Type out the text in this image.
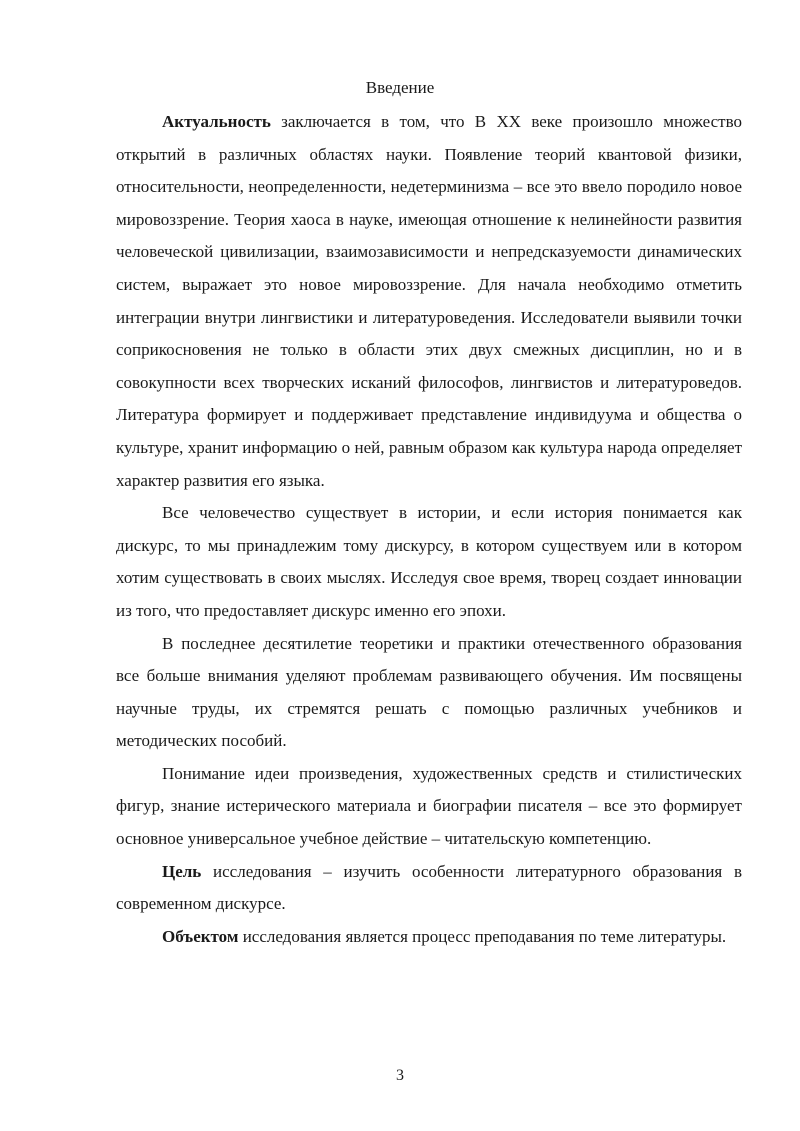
Введение

Актуальность заключается в том, что В ХХ веке произошло множество открытий в различных областях науки. Появление теорий квантовой физики, относительности, неопределенности, недетерминизма – все это ввело породило новое мировоззрение. Теория хаоса в науке, имеющая отношение к нелинейности развития человеческой цивилизации, взаимозависимости и непредсказуемости динамических систем, выражает это новое мировоззрение. Для начала необходимо отметить интеграции внутри лингвистики и литературоведения. Исследователи выявили точки соприкосновения не только в области этих двух смежных дисциплин, но и в совокупности всех творческих исканий философов, лингвистов и литературоведов. Литература формирует и поддерживает представление индивидуума и общества о культуре, хранит информацию о ней, равным образом как культура народа определяет характер развития его языка.

Все человечество существует в истории, и если история понимается как дискурс, то мы принадлежим тому дискурсу, в котором существуем или в котором хотим существовать в своих мыслях. Исследуя свое время, творец создает инновации из того, что предоставляет дискурс именно его эпохи.

В последнее десятилетие теоретики и практики отечественного образования все больше внимания уделяют проблемам развивающего обучения. Им посвящены научные труды, их стремятся решать с помощью различных учебников и методических пособий.

Понимание идеи произведения, художественных средств и стилистических фигур, знание истерического материала и биографии писателя – все это формирует основное универсальное учебное действие – читательскую компетенцию.

Цель исследования – изучить особенности литературного образования в современном дискурсе.

Объектом исследования является процесс преподавания по теме литературы.

3
